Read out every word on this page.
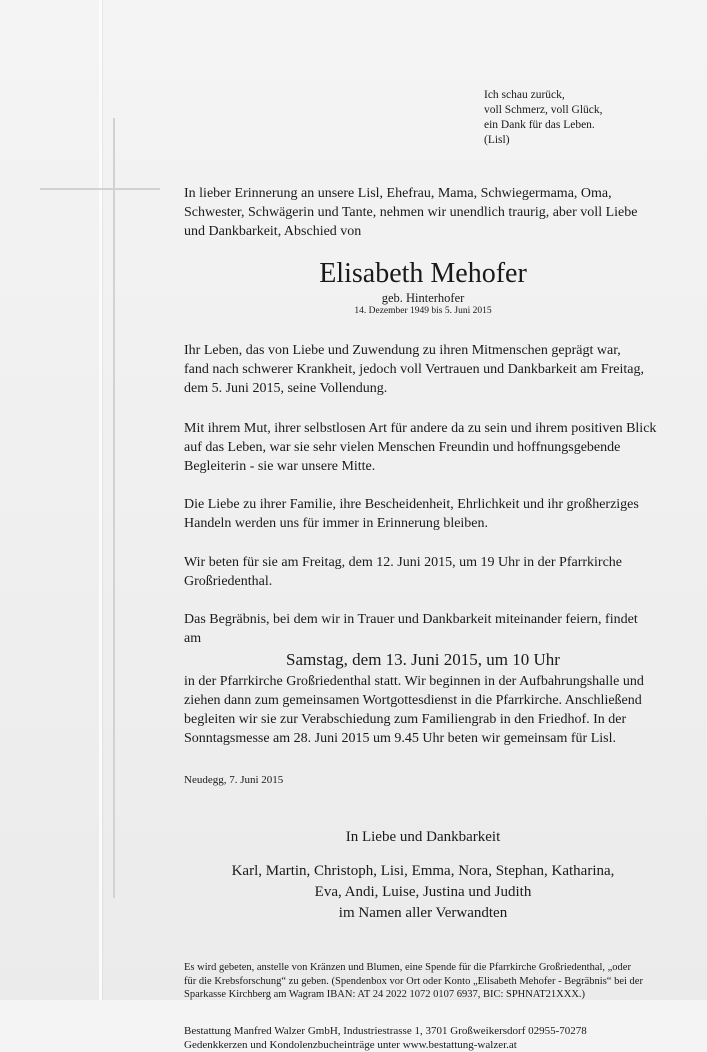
Ich schau zurück,
voll Schmerz, voll Glück,
ein Dank für das Leben.
(Lisl)

In lieber Erinnerung an unsere Lisl, Ehefrau, Mama, Schwiegermama, Oma,
Schwester, Schwägerin und Tante, nehmen wir unendlich traurig, aber voll Liebe
und Dankbarkeit, Abschied von

Elisabeth Mehofer
geb. Hinterhofer
14. Dezember 1949 bis 5. Juni 2015

Ihr Leben, das von Liebe und Zuwendung zu ihren Mitmenschen geprägt war,
fand nach schwerer Krankheit, jedoch voll Vertrauen und Dankbarkeit am Freitag,
dem 5. Juni 2015, seine Vollendung.

Mit ihrem Mut, ihrer selbstlosen Art für andere da zu sein und ihrem positiven Blick
auf das Leben, war sie sehr vielen Menschen Freundin und hoffnungsgebende
Begleiterin - sie war unsere Mitte.

Die Liebe zu ihrer Familie, ihre Bescheidenheit, Ehrlichkeit und ihr großherziges
Handeln werden uns für immer in Erinnerung bleiben.

Wir beten für sie am Freitag, dem 12. Juni 2015, um 19 Uhr in der Pfarrkirche
Großriedenthal.

Das Begräbnis, bei dem wir in Trauer und Dankbarkeit miteinander feiern, findet
am

Samstag, dem 13. Juni 2015, um 10 Uhr

in der Pfarrkirche Großriedenthal statt. Wir beginnen in der Aufbahrungshalle und
ziehen dann zum gemeinsamen Wortgottesdienst in die Pfarrkirche. Anschließend
begleiten wir sie zur Verabschiedung zum Familiengrab in den Friedhof. In der
Sonntagsmesse am 28. Juni 2015 um 9.45 Uhr beten wir gemeinsam für Lisl.

Neudegg, 7. Juni 2015
In Liebe und Dankbarkeit
Karl, Martin, Christoph, Lisi, Emma, Nora, Stephan, Katharina,
Eva, Andi, Luise, Justina und Judith
im Namen aller Verwandten
Es wird gebeten, anstelle von Kränzen und Blumen, eine Spende für die Pfarrkirche Großriedenthal, „oder
für die Krebsforschung“ zu geben. (Spendenbox vor Ort oder Konto „Elisabeth Mehofer - Begräbnis“ bei der
Sparkasse Kirchberg am Wagram IBAN: AT 24 2022 1072 0107 6937, BIC: SPHNAT21XXX.)
Bestattung Manfred Walzer GmbH, Industriestrasse 1, 3701 Großweikersdorf 02955-70278
Gedenkkerzen und Kondolenzbucheinträge unter www.bestattung-walzer.at
